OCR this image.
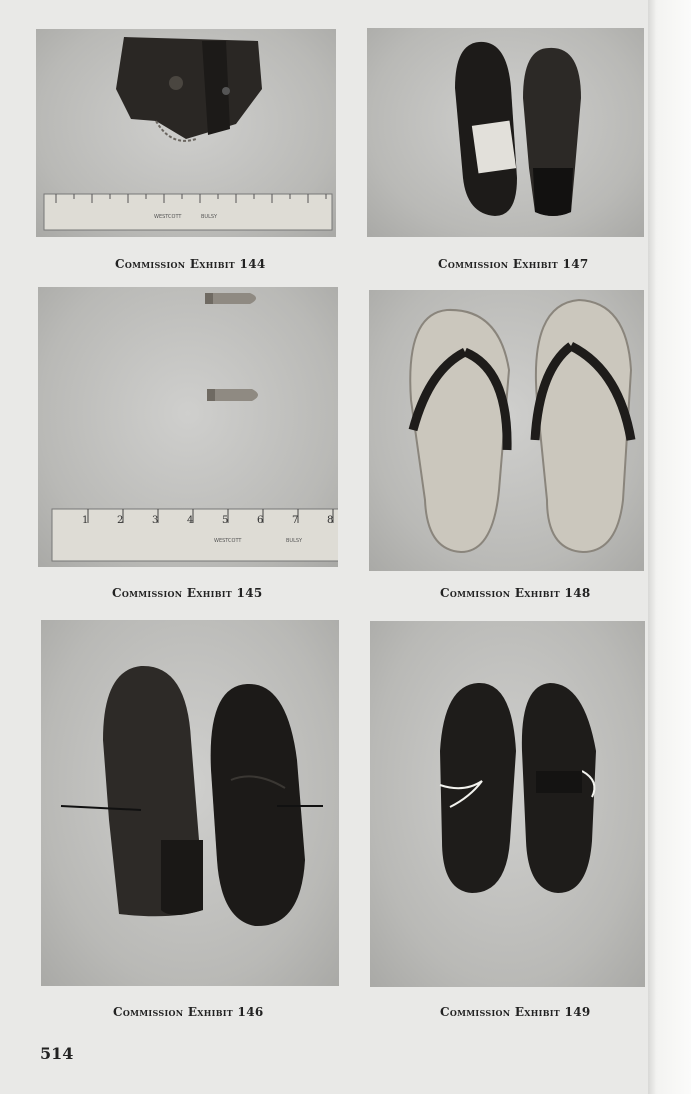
WESTCOTT	BULSY
Commission Exhibit 144	Commission Exhibit 147
1	2	3	4	5	6	7	8
WESTCOTT	BULSY
Commission Exhibit 145	Commission Exhibit 148
Commission Exhibit 146	Commission Exhibit 149
514
